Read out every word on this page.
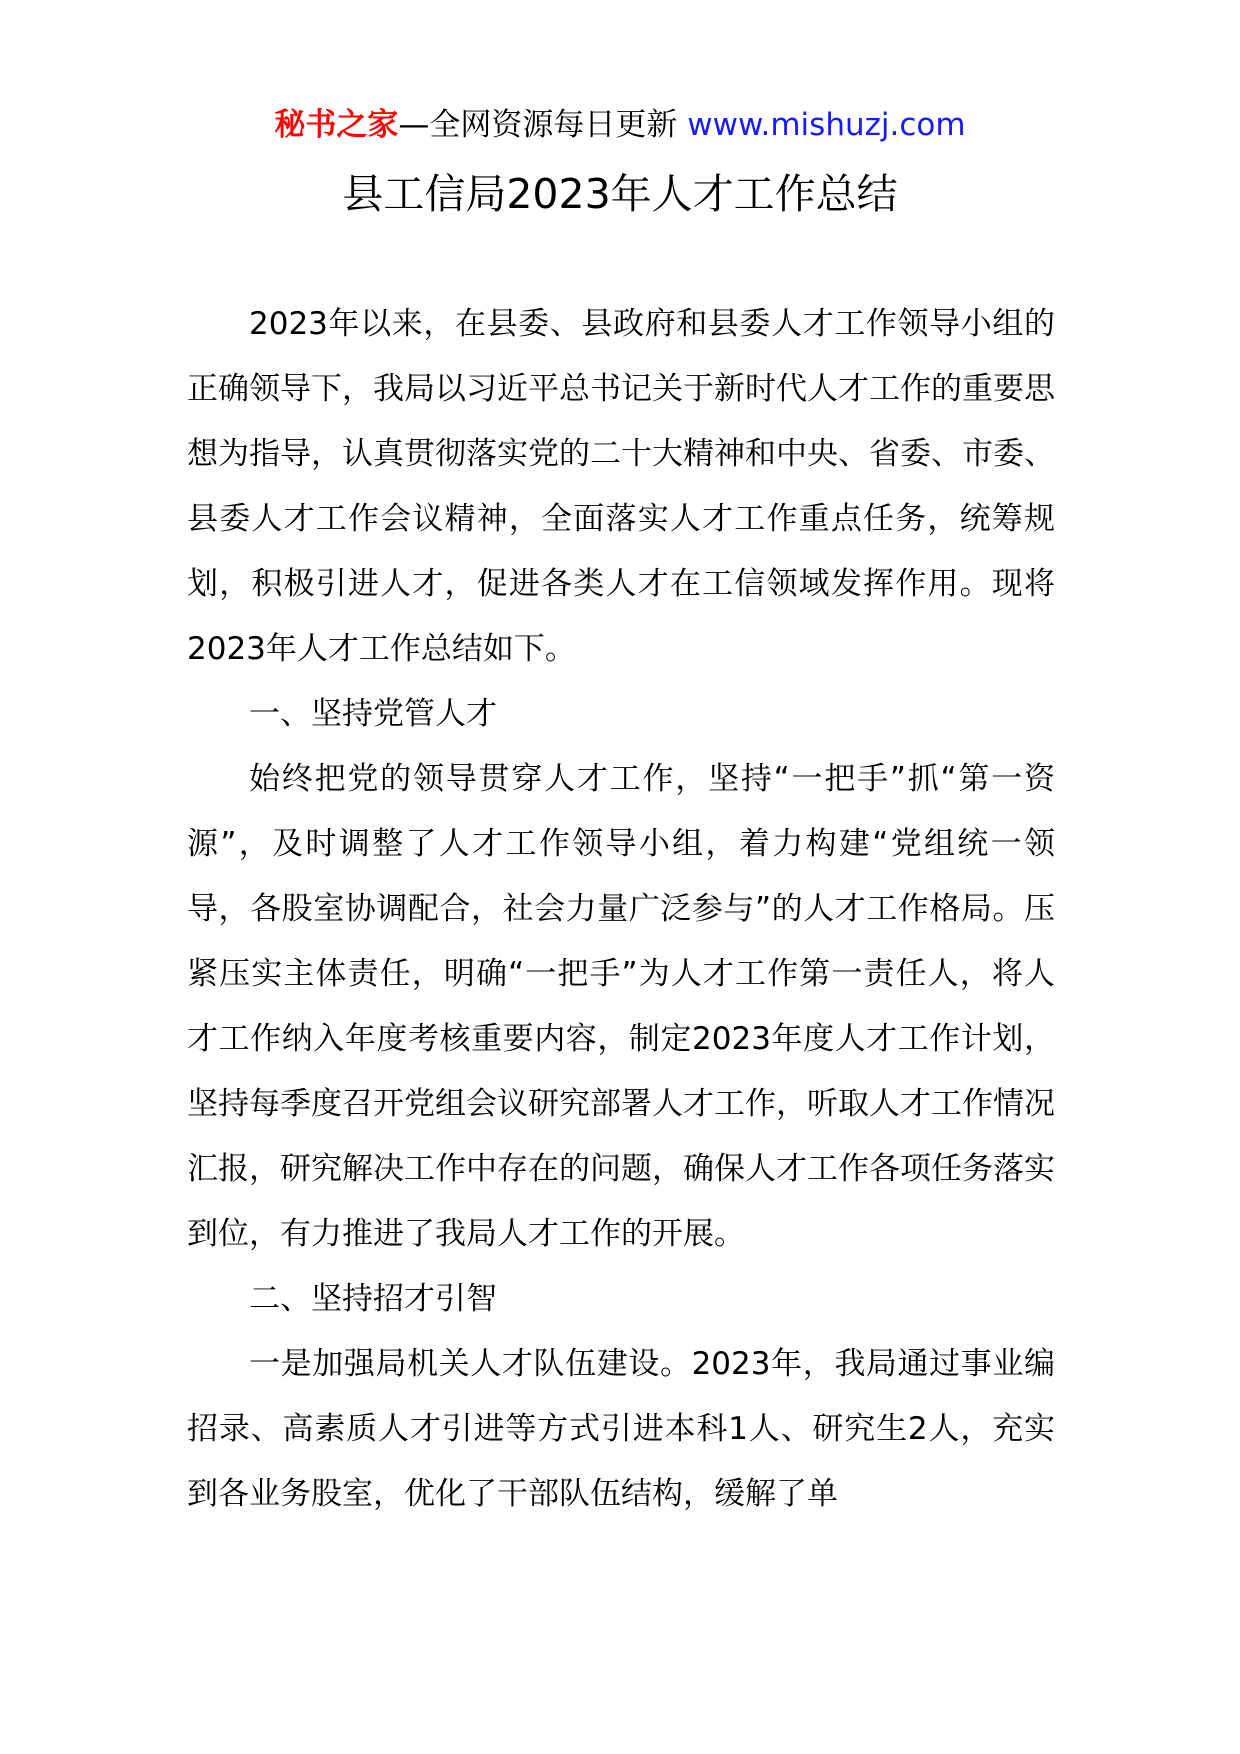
秘书之家—全网资源每日更新 www.mishuzj.com
县工信局2023年人才工作总结

2023年以来，在县委、县政府和县委人才工作领导小组的正确领导下，我局以习近平总书记关于新时代人才工作的重要思想为指导，认真贯彻落实党的二十大精神和中央、省委、市委、县委人才工作会议精神，全面落实人才工作重点任务，统筹规划，积极引进人才，促进各类人才在工信领域发挥作用。现将2023年人才工作总结如下。

一、坚持党管人才

始终把党的领导贯穿人才工作，坚持“一把手”抓“第一资源”，及时调整了人才工作领导小组，着力构建“党组统一领导，各股室协调配合，社会力量广泛参与”的人才工作格局。压紧压实主体责任，明确“一把手”为人才工作第一责任人，将人才工作纳入年度考核重要内容，制定2023年度人才工作计划，坚持每季度召开党组会议研究部署人才工作，听取人才工作情况汇报，研究解决工作中存在的问题，确保人才工作各项任务落实到位，有力推进了我局人才工作的开展。

二、坚持招才引智

一是加强局机关人才队伍建设。2023年，我局通过事业编招录、高素质人才引进等方式引进本科1人、研究生2人，充实到各业务股室，优化了干部队伍结构，缓解了单
